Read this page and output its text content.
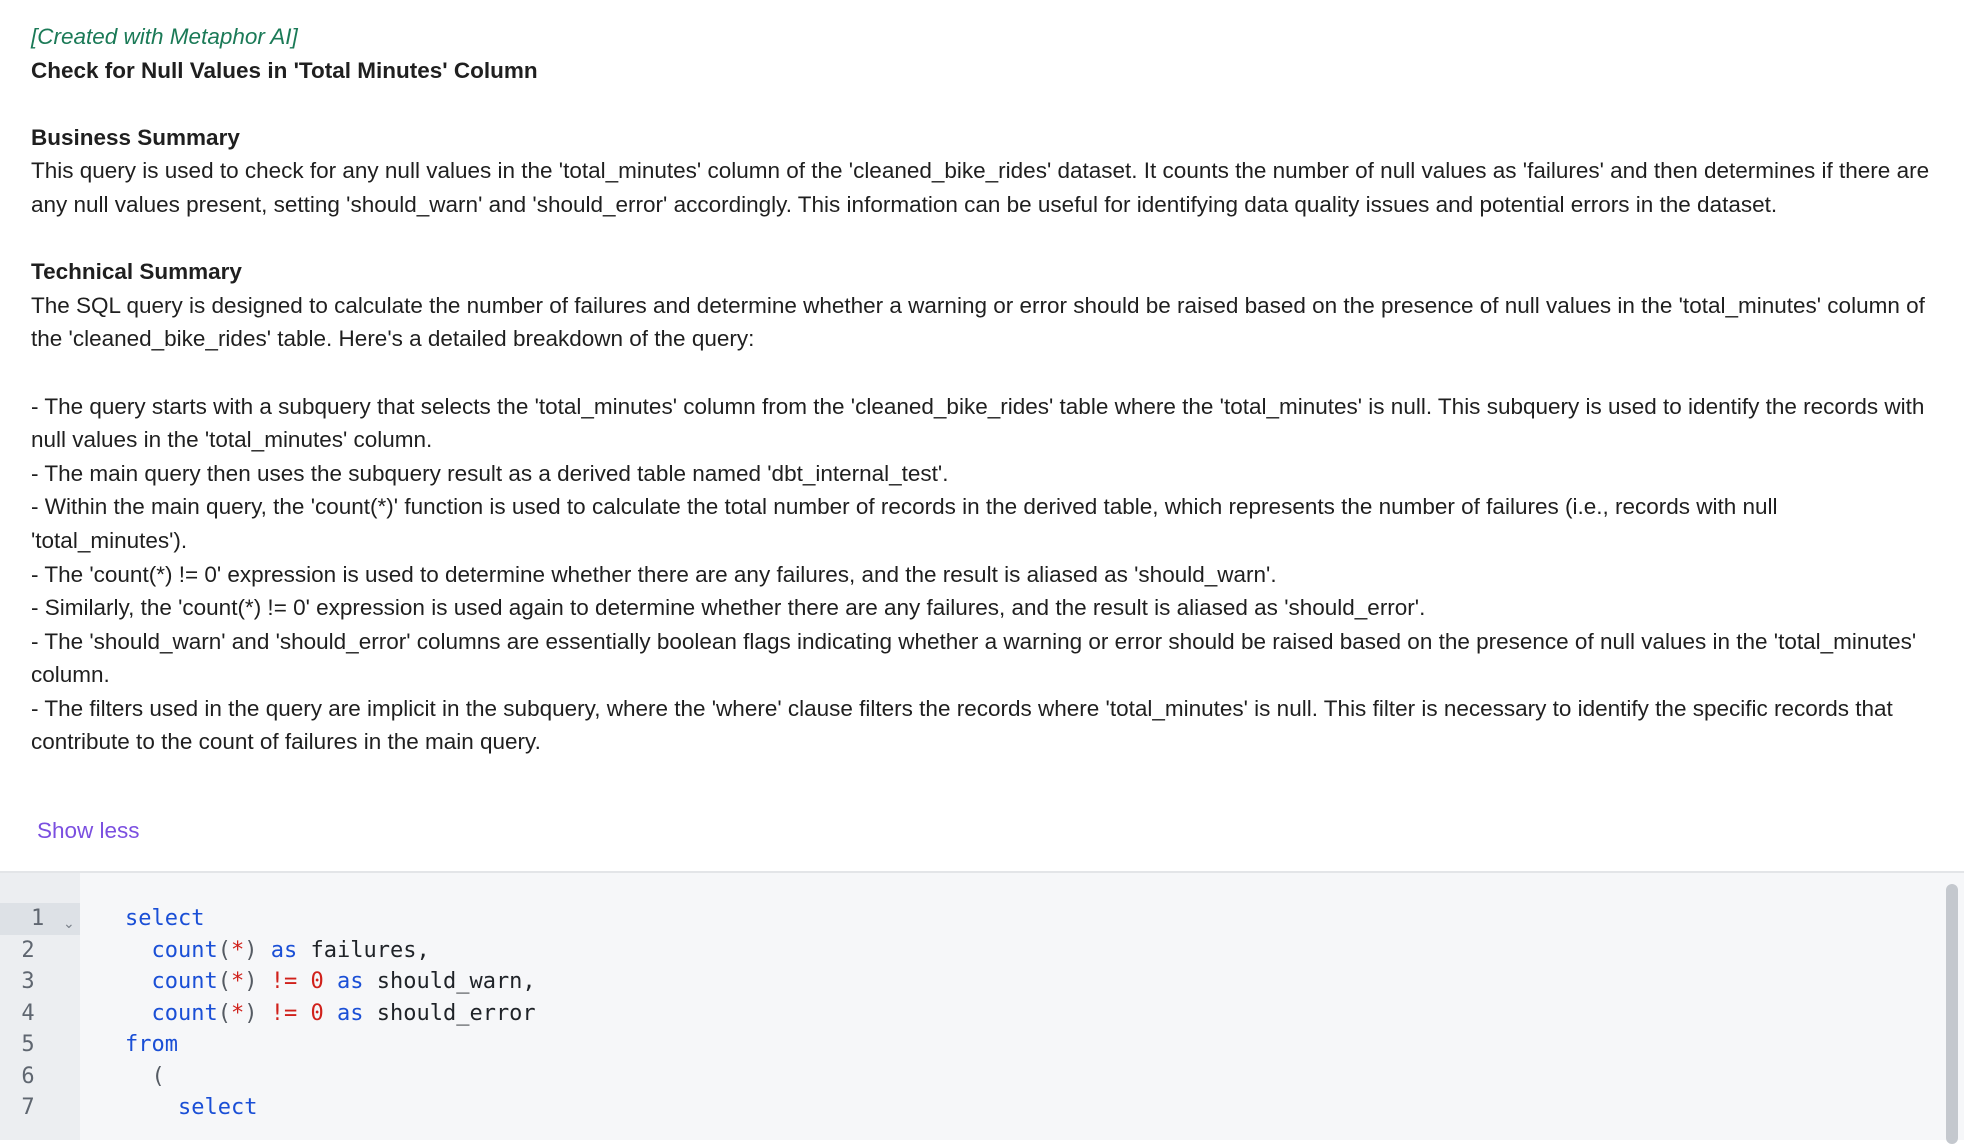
[Created with Metaphor AI]

Check for Null Values in 'Total Minutes' Column

Business Summary

This query is used to check for any null values in the 'total_minutes' column of the 'cleaned_bike_rides' dataset. It counts the number of null values as 'failures' and then determines if there are any null values present, setting 'should_warn' and 'should_error' accordingly. This information can be useful for identifying data quality issues and potential errors in the dataset.

Technical Summary

The SQL query is designed to calculate the number of failures and determine whether a warning or error should be raised based on the presence of null values in the 'total_minutes' column of the 'cleaned_bike_rides' table. Here's a detailed breakdown of the query:

- The query starts with a subquery that selects the 'total_minutes' column from the 'cleaned_bike_rides' table where the 'total_minutes' is null. This subquery is used to identify the records with null values in the 'total_minutes' column.

- The main query then uses the subquery result as a derived table named 'dbt_internal_test'.

- Within the main query, the 'count(*)' function is used to calculate the total number of records in the derived table, which represents the number of failures (i.e., records with null 'total_minutes').

- The 'count(*) != 0' expression is used to determine whether there are any failures, and the result is aliased as 'should_warn'.

- Similarly, the 'count(*) != 0' expression is used again to determine whether there are any failures, and the result is aliased as 'should_error'.

- The 'should_warn' and 'should_error' columns are essentially boolean flags indicating whether a warning or error should be raised based on the presence of null values in the 'total_minutes' column.

- The filters used in the query are implicit in the subquery, where the 'where' clause filters the records where 'total_minutes' is null. This filter is necessary to identify the specific records that contribute to the count of failures in the main query.

Show less
1
2
3
4
5
6
7
⌄

select

count(*) as failures,

count(*) != 0 as should_warn,

count(*) != 0 as should_error

from

(

select
